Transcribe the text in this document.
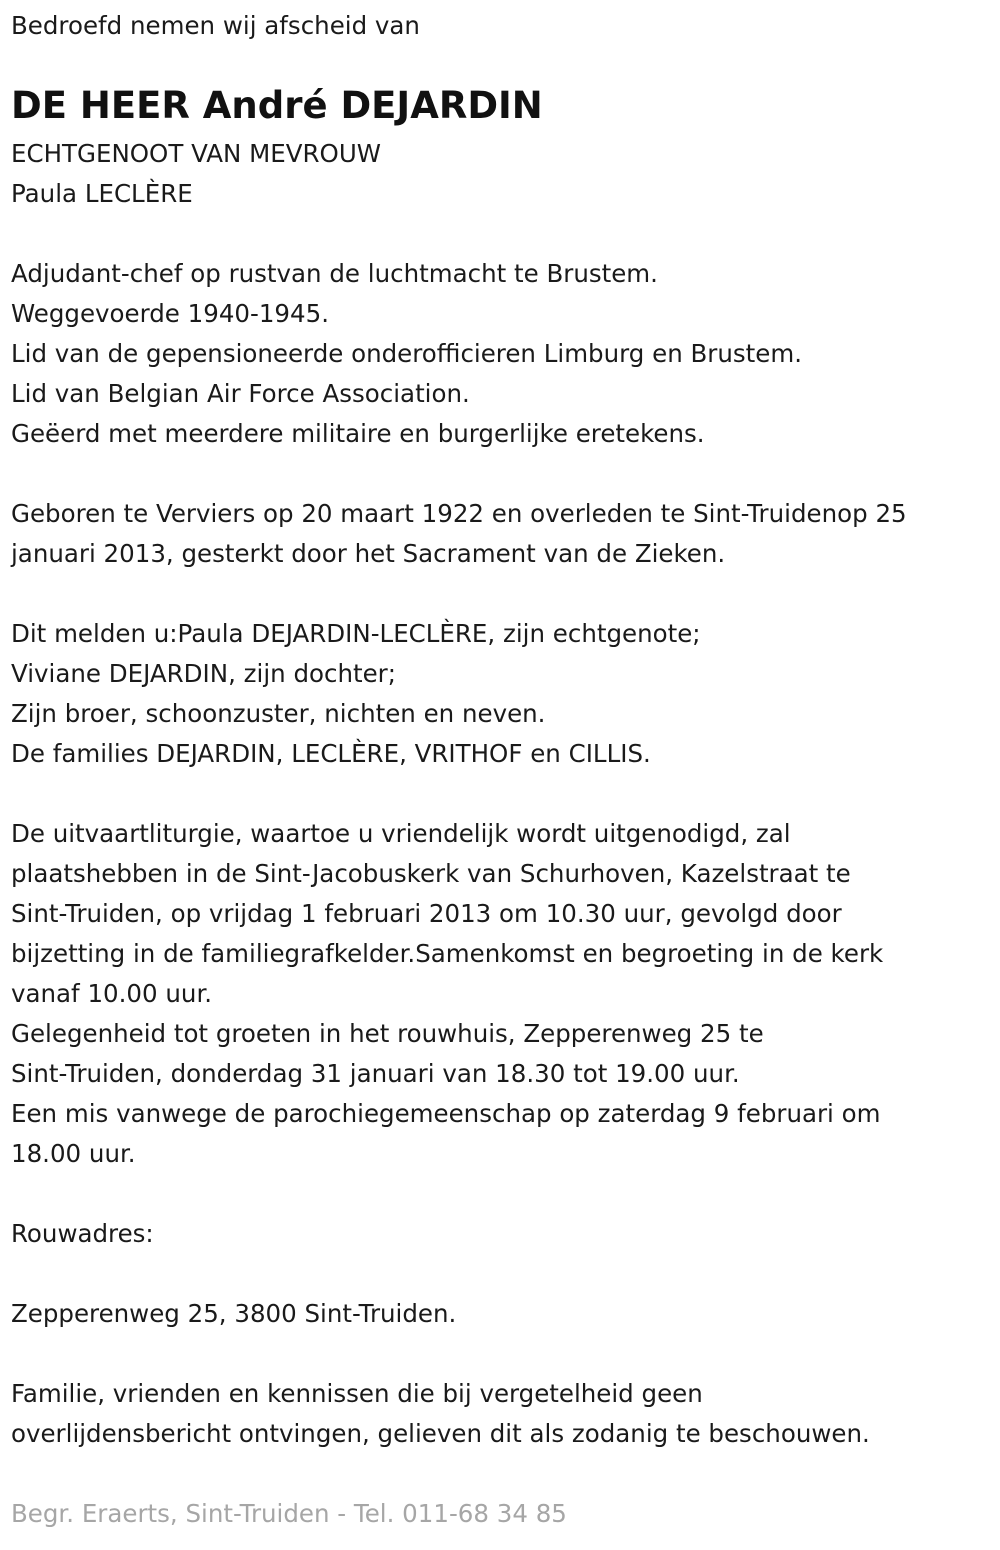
Bedroefd nemen wij afscheid van
DE HEER André DEJARDIN
ECHTGENOOT VAN MEVROUW
Paula LECLÈRE
Adjudant-chef op rustvan de luchtmacht te Brustem.
Weggevoerde 1940-1945.
Lid van de gepensioneerde onderofficieren Limburg en Brustem.
Lid van Belgian Air Force Association.
Geëerd met meerdere militaire en burgerlijke eretekens.
Geboren te Verviers op 20 maart 1922 en overleden te Sint-Truidenop 25
januari 2013, gesterkt door het Sacrament van de Zieken.
Dit melden u:Paula DEJARDIN-LECLÈRE, zijn echtgenote;
Viviane DEJARDIN, zijn dochter;
Zijn broer, schoonzuster, nichten en neven.
De families DEJARDIN, LECLÈRE, VRITHOF en CILLIS.
De uitvaartliturgie, waartoe u vriendelijk wordt uitgenodigd, zal
plaatshebben in de Sint-Jacobuskerk van Schurhoven, Kazelstraat te
Sint-Truiden, op vrijdag 1 februari 2013 om 10.30 uur, gevolgd door
bijzetting in de familiegrafkelder.Samenkomst en begroeting in de kerk
vanaf 10.00 uur.
Gelegenheid tot groeten in het rouwhuis, Zepperenweg 25 te
Sint-Truiden, donderdag 31 januari van 18.30 tot 19.00 uur.
Een mis vanwege de parochiegemeenschap op zaterdag 9 februari om
18.00 uur.
Rouwadres:
Zepperenweg 25, 3800 Sint-Truiden.
Familie, vrienden en kennissen die bij vergetelheid geen
overlijdensbericht ontvingen, gelieven dit als zodanig te beschouwen.
Begr. Eraerts, Sint-Truiden - Tel. 011-68 34 85
